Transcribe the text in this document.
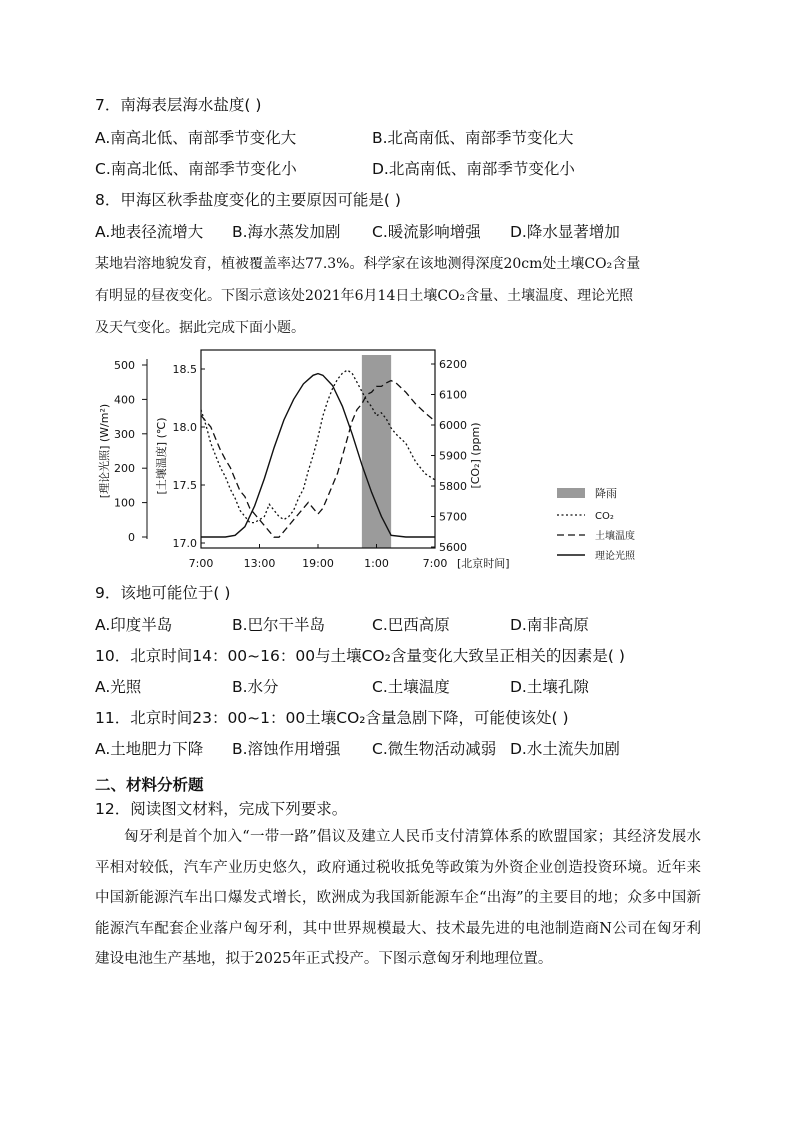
7．南海表层海水盐度( )
A.南高北低、南部季节变化大	B.北高南低、南部季节变化大
C.南高北低、南部季节变化小	D.北高南低、南部季节变化小
8．甲海区秋季盐度变化的主要原因可能是( )
A.地表径流增大 B.海水蒸发加剧 C.暖流影响增强 D.降水显著增加
某地岩溶地貌发育，植被覆盖率达77.3%。科学家在该地测得深度20cm处土壤CO₂含量
有明显的昼夜变化。下图示意该处2021年6月14日土壤CO₂含量、土壤温度、理论光照
及天气变化。据此完成下面小题。
0
100
200
300
400
500
[理论光照] (W/m²)
17.0
17.5
18.0
18.5
[土壤温度] (℃)
5600
5700
5800
5900
6000
6100
6200
[CO₂] (ppm)
7:00	13:00 19:00	1:00	7:00 [北京时间]
降雨
CO₂
土壤温度
理论光照
9．该地可能位于( )
A.印度半岛	B.巴尔干半岛	C.巴西高原	D.南非高原
10．北京时间14：00~16：00与土壤CO₂含量变化大致呈正相关的因素是( )
A.光照	B.水分	C.土壤温度	D.土壤孔隙
11．北京时间23：00~1：00土壤CO₂含量急剧下降，可能使该处( )
A.土地肥力下降 B.溶蚀作用增强 C.微生物活动减弱 D.水土流失加剧
二、材料分析题
12．阅读图文材料，完成下列要求。

匈牙利是首个加入“一带一路”倡议及建立人民币支付清算体系的欧盟国家；其经济发展水平相对较低，汽车产业历史悠久，政府通过税收抵免等政策为外资企业创造投资环境。近年来中国新能源汽车出口爆发式增长，欧洲成为我国新能源车企“出海”的主要目的地；众多中国新能源汽车配套企业落户匈牙利，其中世界规模最大、技术最先进的电池制造商N公司在匈牙利建设电池生产基地，拟于2025年正式投产。下图示意匈牙利地理位置。
